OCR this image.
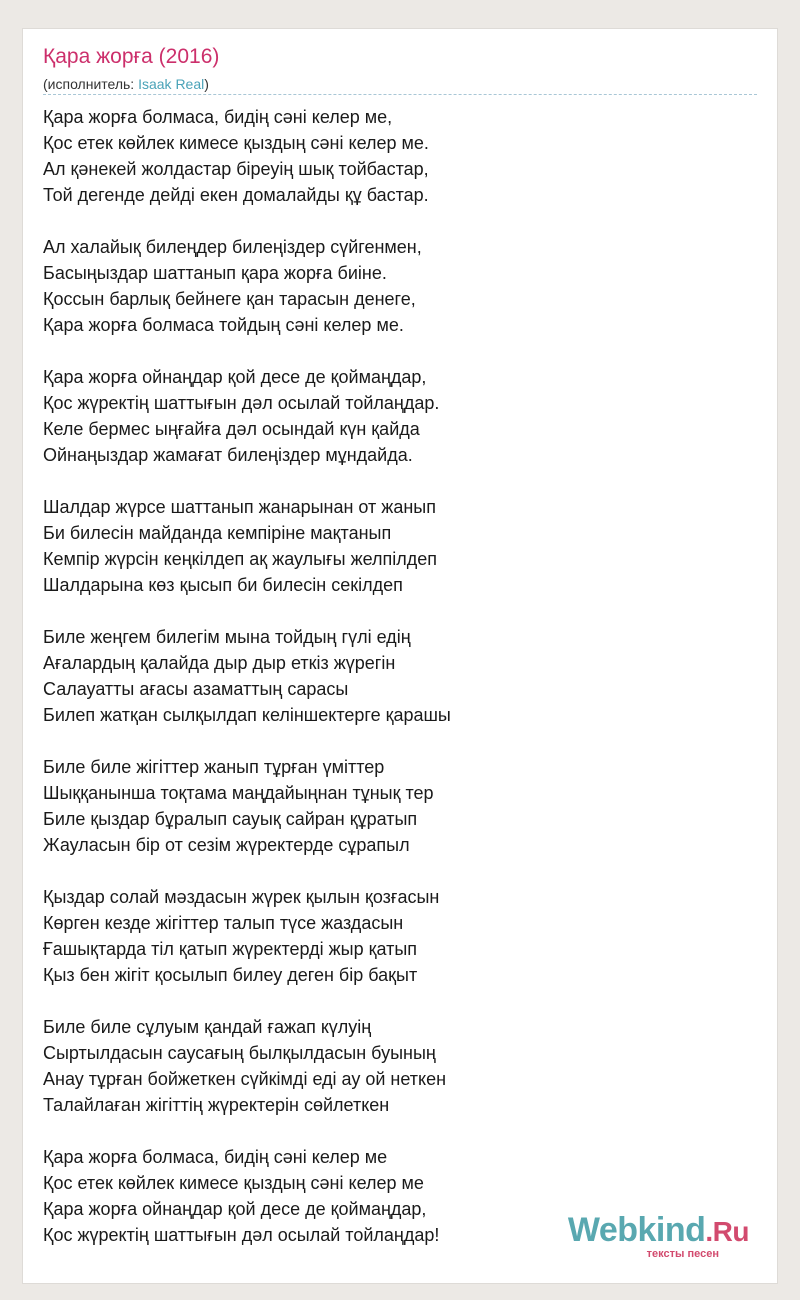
Қара жорға (2016)
(исполнитель: Isaak Real)
Қара жорға болмаса, бидің сәні келер ме,
Қос етек көйлек кимесе қыздың сәні келер ме.
Ал қәнекей жолдастар біреуің шық тойбастар,
Той дегенде дейді екен домалайды құ бастар.
Ал халайық билеңдер билеңіздер сүйгенмен,
Басыңыздар шаттанып қара жорға биіне.
Қоссын барлық бейнеге қан тарасын денеге,
Қара жорға болмаса тойдың сәні келер ме.
Қара жорға ойнаңдар қой десе де қоймаңдар,
Қос жүректің шаттығын дәл осылай тойлаңдар.
Келе бермес ыңғайға дәл осындай күн қайда
Ойнаңыздар жамағат билеңіздер мұндайда.
Шалдар жүрсе шаттанып жанарынан от жанып
Би билесін майданда кемпіріне мақтанып
Кемпір жүрсін кеңкілдеп ақ жаулығы желпілдеп
Шалдарына көз қысып би билесін секілдеп
Биле жеңгем билегім мына тойдың гүлі едің
Ағалардың қалайда дыр дыр еткіз жүрегін
Салауатты ағасы азаматтың сарасы
Билеп жатқан сылқылдап келіншектерге қарашы
Биле биле жігіттер жанып тұрған үміттер
Шыққанынша тоқтама маңдайыңнан тұнық тер
Биле қыздар бұралып сауық сайран құратып
Жауласын бір от сезім жүректерде сұрапыл
Қыздар солай мәздасын жүрек қылын қозғасын
Көрген кезде жігіттер талып түсе жаздасын
Ғашықтарда тіл қатып жүректерді жыр қатып
Қыз бен жігіт қосылып билеу деген бір бақыт
Биле биле сұлуым қандай ғажап күлуің
Сыртылдасын саусағың былқылдасын буының
Анау тұрған бойжеткен сүйкімді еді ау ой неткен
Талайлаған жігіттің жүректерін сөйлеткен
Қара жорға болмаса, бидің сәні келер ме
Қос етек көйлек кимесе қыздың сәні келер ме
Қара жорға ойнаңдар қой десе де қоймаңдар,
Қос жүректің шаттығын дәл осылай тойлаңдар!	Webkind.Ru
тексты песен
